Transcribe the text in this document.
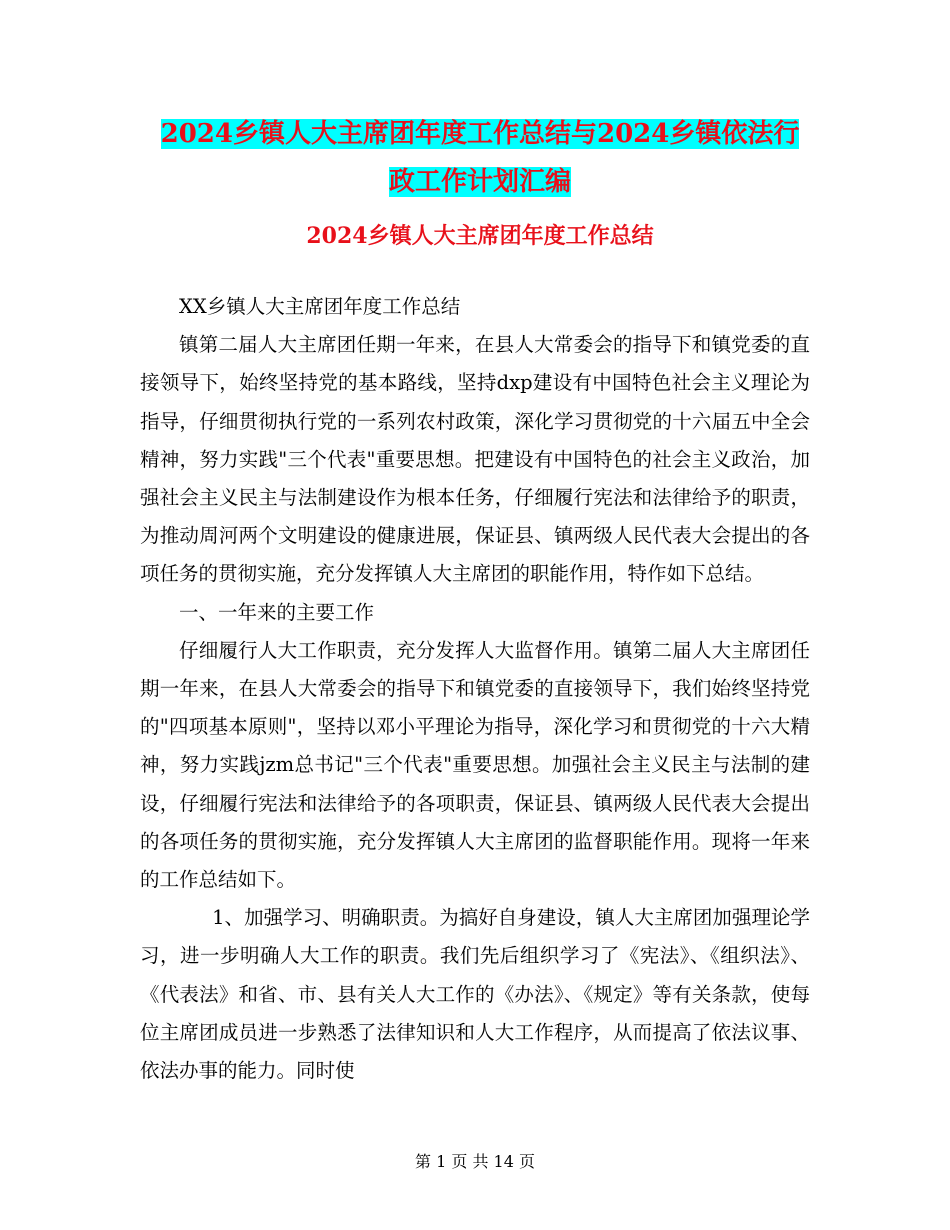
2024乡镇人大主席团年度工作总结与2024乡镇依法行
政工作计划汇编
2024乡镇人大主席团年度工作总结

XX乡镇人大主席团年度工作总结

镇第二届人大主席团任期一年来，在县人大常委会的指导下和镇党委的直接领导下，始终坚持党的基本路线，坚持dxp建设有中国特色社会主义理论为指导，仔细贯彻执行党的一系列农村政策，深化学习贯彻党的十六届五中全会精神，努力实践"三个代表"重要思想。把建设有中国特色的社会主义政治，加强社会主义民主与法制建设作为根本任务，仔细履行宪法和法律给予的职责，为推动周河两个文明建设的健康进展，保证县、镇两级人民代表大会提出的各项任务的贯彻实施，充分发挥镇人大主席团的职能作用，特作如下总结。

一、一年来的主要工作

仔细履行人大工作职责，充分发挥人大监督作用。镇第二届人大主席团任期一年来，在县人大常委会的指导下和镇党委的直接领导下，我们始终坚持党的"四项基本原则"，坚持以邓小平理论为指导，深化学习和贯彻党的十六大精神，努力实践jzm总书记"三个代表"重要思想。加强社会主义民主与法制的建设，仔细履行宪法和法律给予的各项职责，保证县、镇两级人民代表大会提出的各项任务的贯彻实施，充分发挥镇人大主席团的监督职能作用。现将一年来的工作总结如下。

1、加强学习、明确职责。为搞好自身建设，镇人大主席团加强理论学习，进一步明确人大工作的职责。我们先后组织学习了《宪法》、《组织法》、《代表法》和省、市、县有关人大工作的《办法》、《规定》等有关条款，使每位主席团成员进一步熟悉了法律知识和人大工作程序，从而提高了依法议事、依法办事的能力。同时使

第 1 页 共 14 页
